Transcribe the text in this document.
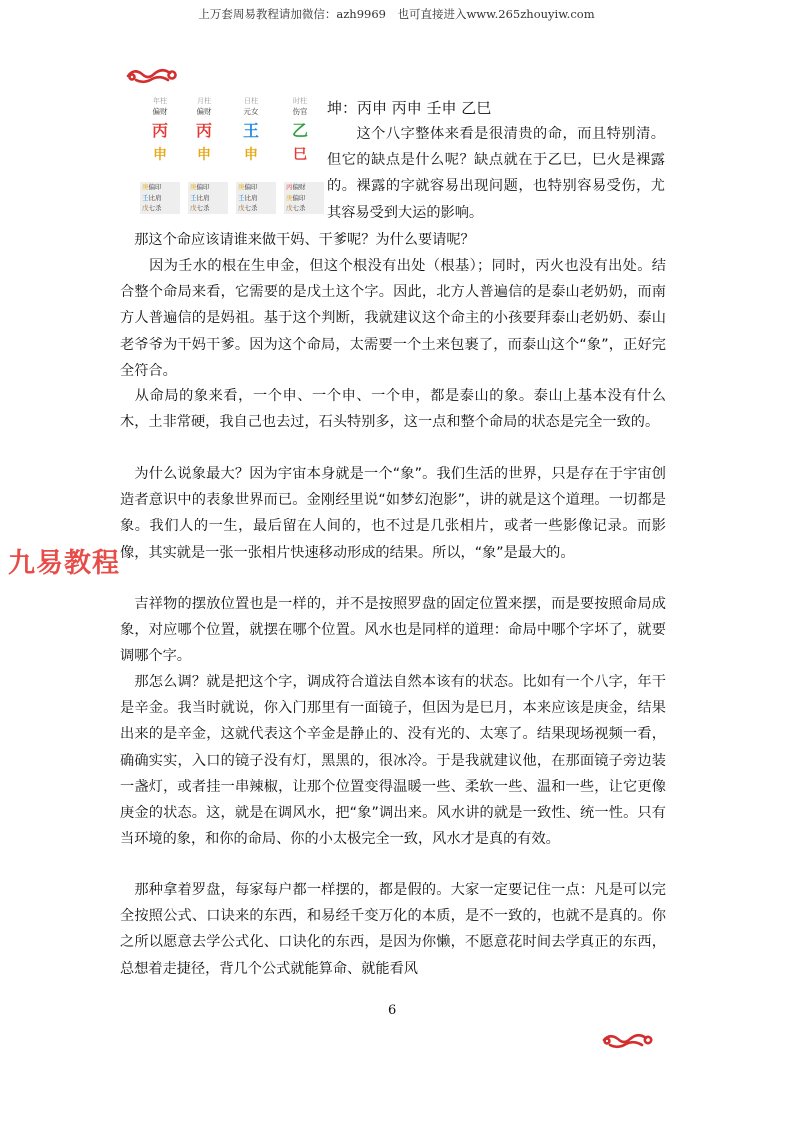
上万套周易教程请加微信：azh9969　也可直接进入www.265zhouyiw.com
年柱
偏财
丙
申
月柱
偏财
丙
申
日柱
元女
王
申
时柱
伤官
乙
巳
庚偏印
壬比肩
戊七杀
庚偏印
壬比肩
戊七杀
庚偏印
壬比肩
戊七杀
丙偏财
庚偏印
戊七杀
坤：丙申 丙申 壬申 乙巳

　　这个八字整体来看是很清贵的命，而且特别清。但它的缺点是什么呢？缺点就在于乙巳，巳火是裸露的。裸露的字就容易出现问题，也特别容易受伤，尤其容易受到大运的影响。

　那这个命应该请谁来做干妈、干爹呢？为什么要请呢？

　　因为壬水的根在生申金，但这个根没有出处（根基）；同时，丙火也没有出处。结合整个命局来看，它需要的是戊土这个字。因此，北方人普遍信的是泰山老奶奶，而南方人普遍信的是妈祖。基于这个判断，我就建议这个命主的小孩要拜泰山老奶奶、泰山老爷爷为干妈干爹。因为这个命局，太需要一个土来包裹了，而泰山这个“象”，正好完全符合。

　从命局的象来看，一个申、一个申、一个申，都是泰山的象。泰山上基本没有什么木，土非常硬，我自己也去过，石头特别多，这一点和整个命局的状态是完全一致的。

　为什么说象最大？因为宇宙本身就是一个“象”。我们生活的世界，只是存在于宇宙创造者意识中的表象世界而已。金刚经里说“如梦幻泡影”，讲的就是这个道理。一切都是象。我们人的一生，最后留在人间的，也不过是几张相片，或者一些影像记录。而影像，其实就是一张一张相片快速移动形成的结果。所以，“象”是最大的。

　吉祥物的摆放位置也是一样的，并不是按照罗盘的固定位置来摆，而是要按照命局成象，对应哪个位置，就摆在哪个位置。风水也是同样的道理：命局中哪个字坏了，就要调哪个字。

　那怎么调？就是把这个字，调成符合道法自然本该有的状态。比如有一个八字，年干是辛金。我当时就说，你入门那里有一面镜子，但因为是巳月，本来应该是庚金，结果出来的是辛金，这就代表这个辛金是静止的、没有光的、太寒了。结果现场视频一看，确确实实，入口的镜子没有灯，黑黑的，很冰冷。于是我就建议他，在那面镜子旁边装一盏灯，或者挂一串辣椒，让那个位置变得温暖一些、柔软一些、温和一些，让它更像庚金的状态。这，就是在调风水，把“象”调出来。风水讲的就是一致性、统一性。只有当环境的象，和你的命局、你的小太极完全一致，风水才是真的有效。

　那种拿着罗盘，每家每户都一样摆的，都是假的。大家一定要记住一点：凡是可以完全按照公式、口诀来的东西，和易经千变万化的本质，是不一致的，也就不是真的。你之所以愿意去学公式化、口诀化的东西，是因为你懒，不愿意花时间去学真正的东西，总想着走捷径，背几个公式就能算命、就能看风

九易教程
6
